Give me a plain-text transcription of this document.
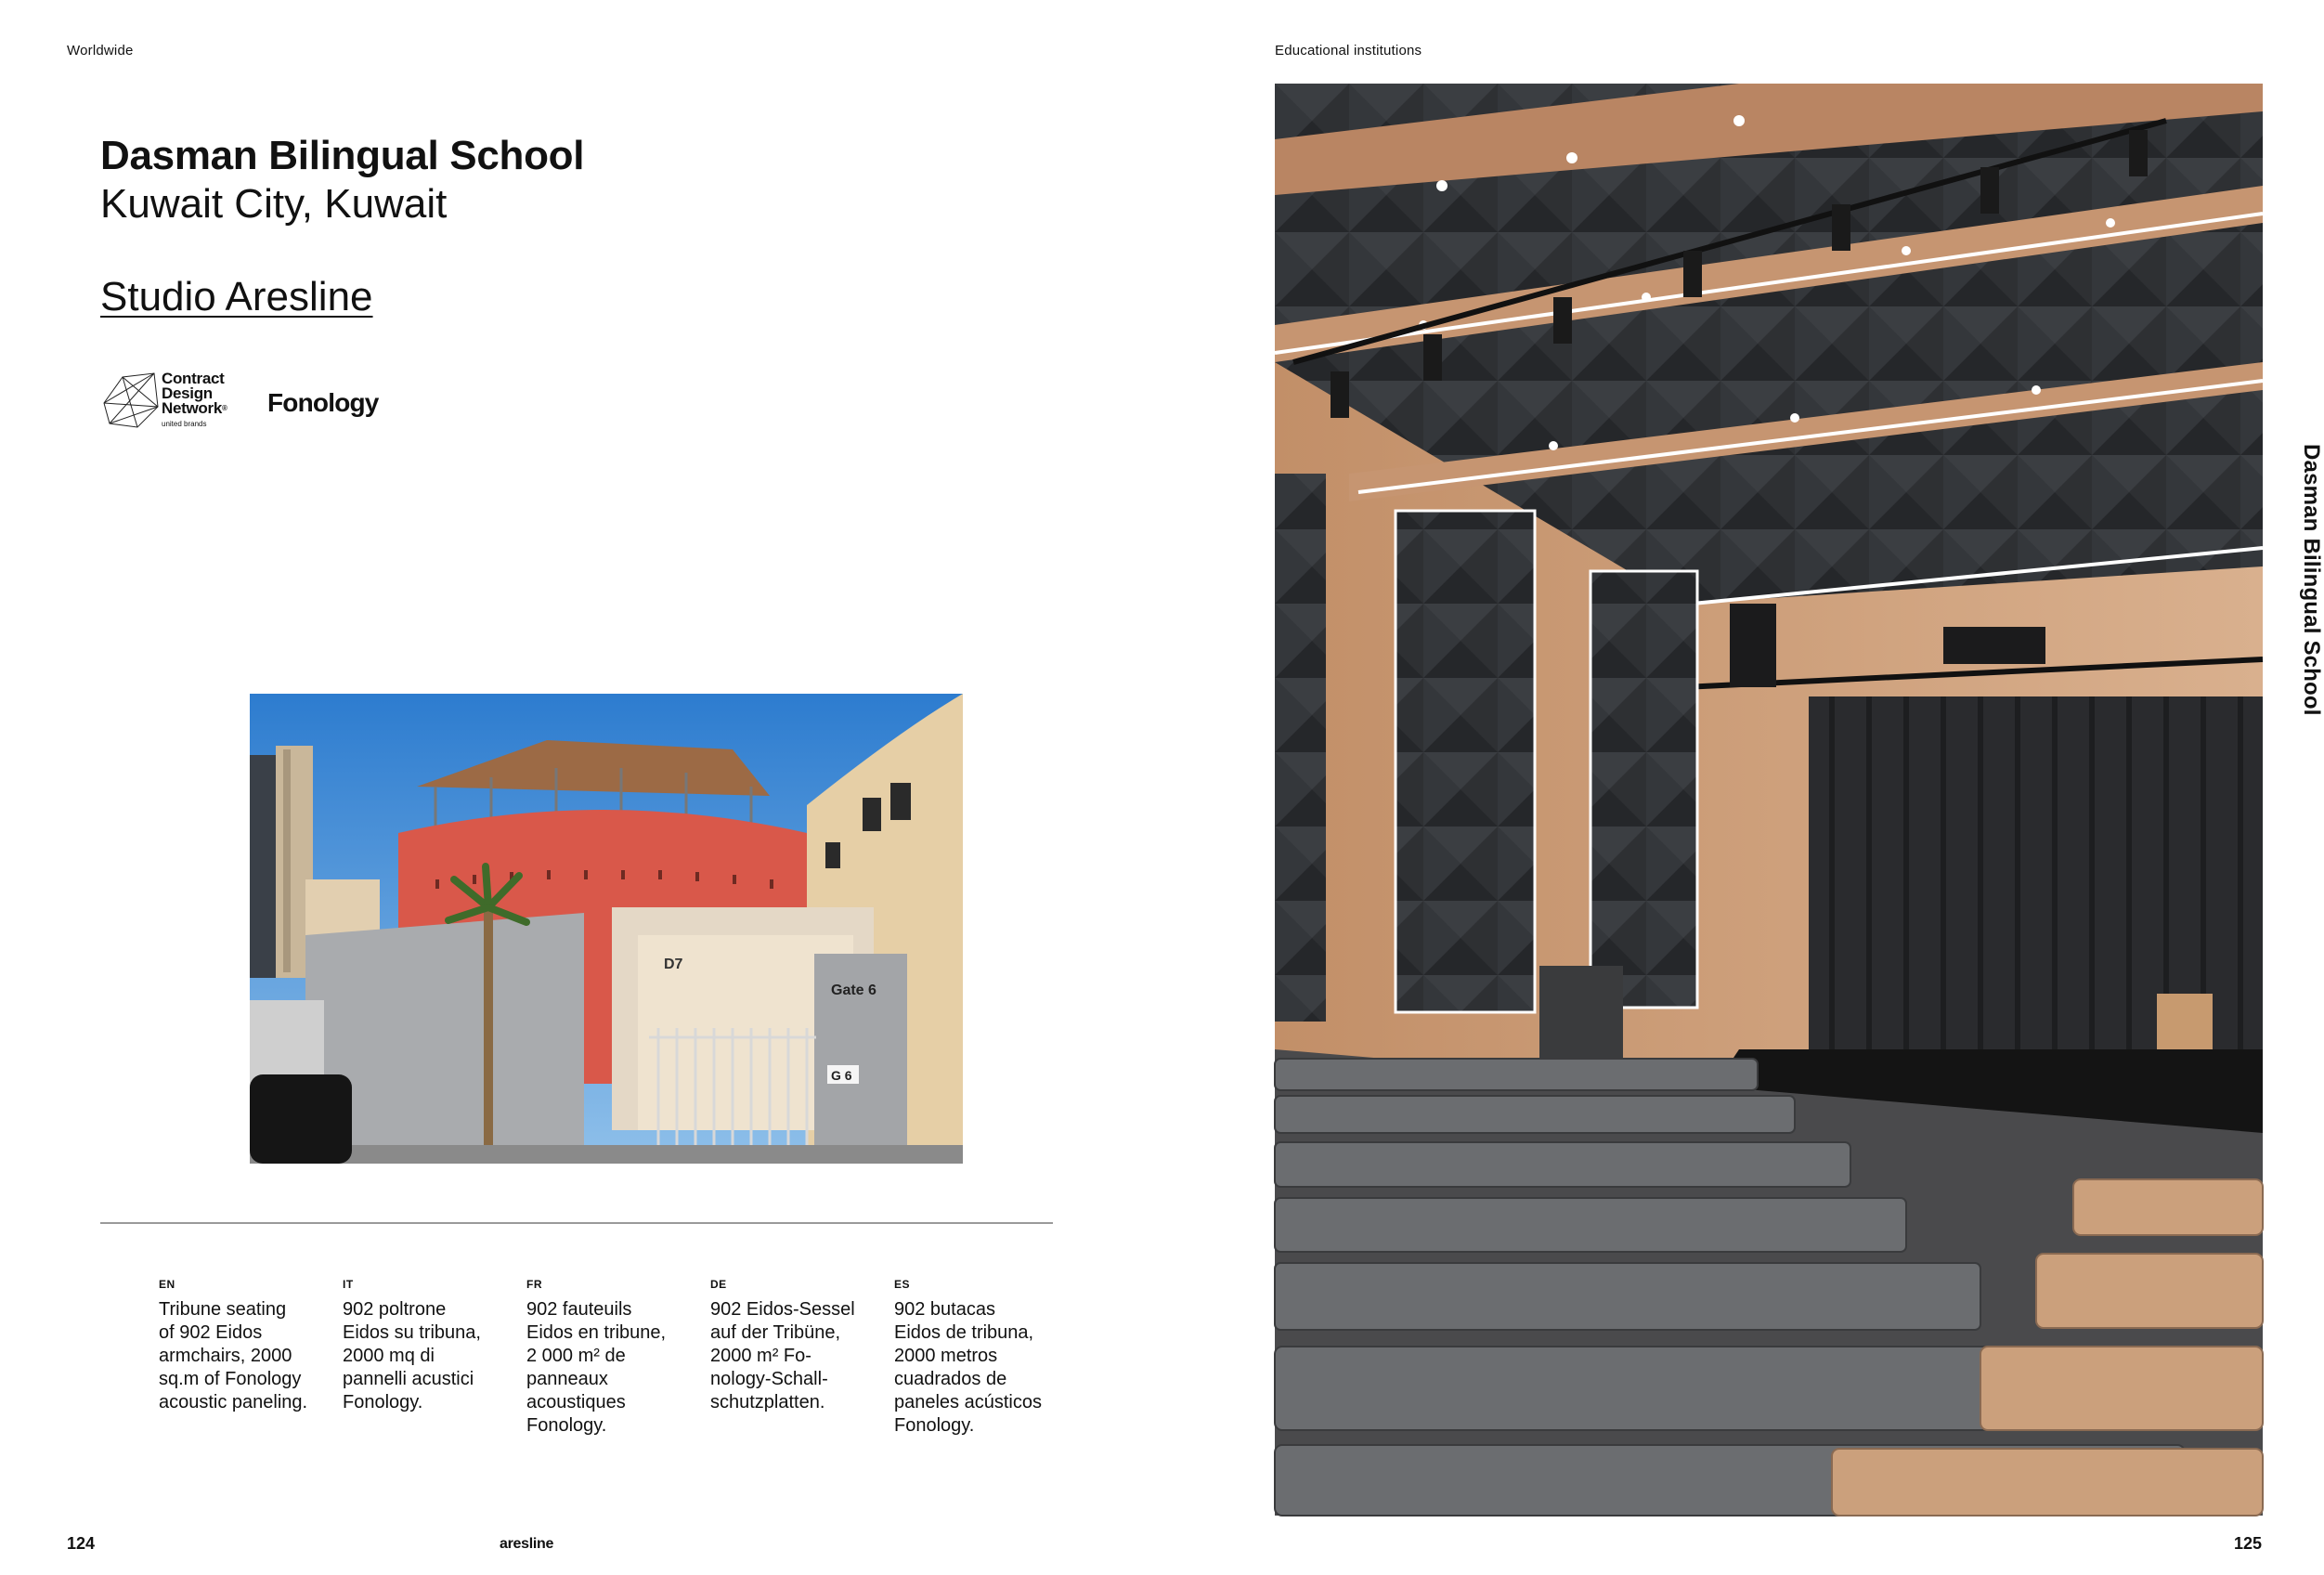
Worldwide	Educational institutions
Dasman Bilingual School
Kuwait City, Kuwait
Studio Aresline
Contract
Design
Network®
united brands
Fonology
Gate 6
G 6
D7
EN
Tribune seating
of 902 Eidos
armchairs, 2000
sq.m of Fonology
acoustic paneling.
IT
902 poltrone
Eidos su tribuna,
2000 mq di
pannelli acustici
Fonology.
FR
902 fauteuils
Eidos en tribune,
2 000 m² de
panneaux
acoustiques
Fonology.
DE
902 Eidos-Sessel
auf der Tribüne,
2000 m² Fo-
nology-Schall-
schutzplatten.
ES
902 butacas
Eidos de tribuna,
2000 metros
cuadrados de
paneles acústicos
Fonology.
Dasman Bilingual School
124	aresline	125
